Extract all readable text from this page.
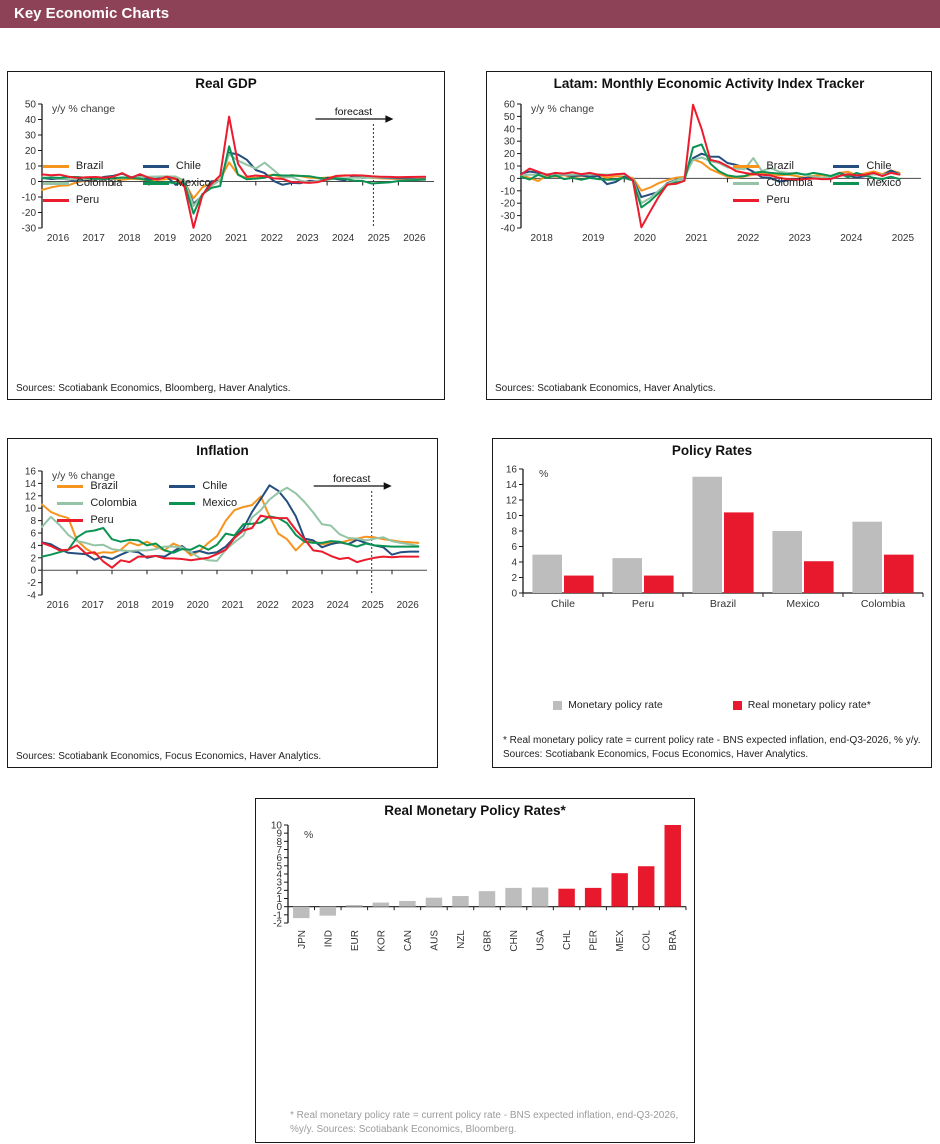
Key Economic Charts
Real GDP
y/y % change
-30
-20
-10
0
10
20
30
40
50
2016 2017 2018 2019 2020 2021 2022 2023 2024 2025 2026
forecast
Brazil	Chile
Colombia	Mexico
Peru
Sources: Scotiabank Economics, Bloomberg, Haver Analytics.
Latam: Monthly Economic Activity Index Tracker
y/y % change
-40
-30
-20
-10
0
10
20
30
40
50
60
2018	2019	2020	2021	2022	2023	2024	2025
Brazil	Chile
Colombia	Mexico
Peru
Sources: Scotiabank Economics, Haver Analytics.
Inflation
y/y % change
-4
-2
0
2
4
6
8
10
12
14
16
2016 2017 2018 2019 2020 2021 2022 2023 2024 2025 2026
forecast
Brazil	Chile
Colombia	Mexico
Peru
Sources: Scotiabank Economics, Focus Economics, Haver Analytics.
Policy Rates
%
0
2
4
6
8
10
12
14
16
Chile	Peru	Brazil	Mexico	Colombia
Monetary policy rate	Real monetary policy rate*
* Real monetary policy rate = current policy rate - BNS expected inflation, end-Q3-2026, % y/y.
Sources: Scotiabank Economics, Focus Economics, Haver Analytics.
Real Monetary Policy Rates*
%
-2
-1
0
1
2
3
4
5
6
7
8
9
10
JPN IND EUR KOR CAN AUS NZL GBR CHN USA CHL PER MEX COL BRA
* Real monetary policy rate = current policy rate - BNS expected inflation, end-Q3-2026, %y/y. Sources: Scotiabank Economics, Bloomberg.
